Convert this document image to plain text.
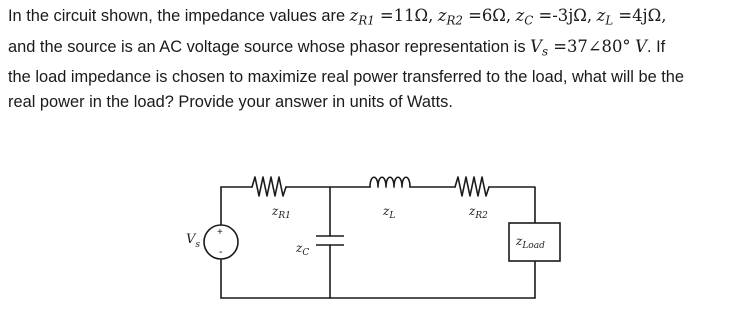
In the circuit shown, the impedance values are $z_{R1} =11\Omega$, $z_{R2} =6\Omega$, $z_C =-3j\Omega$, $z_L =4j\Omega$,

and the source is an AC voltage source whose phasor representation is $V_s$ =37∠80° V. If

the load impedance is chosen to maximize real power transferred to the load, what will be the

real power in the load? Provide your answer in units of Watts.

+
-
$V_s$
$z_{R1}$
$z_C$
$z_L$	$z_{R2}$
$z_{Load}$
